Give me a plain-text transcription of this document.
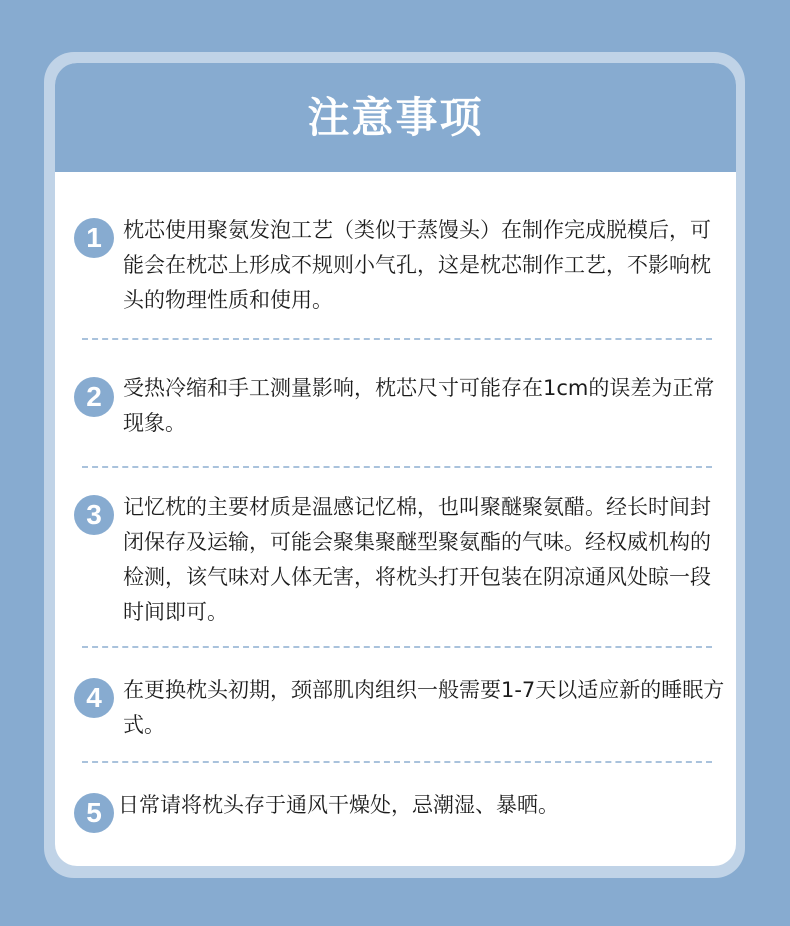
注意事项
1	枕芯使用聚氨发泡工艺（类似于蒸馒头）在制作完成脱模后，可能会在枕芯上形成不规则小气孔，这是枕芯制作工艺，不影响枕头的物理性质和使用。

2	受热冷缩和手工测量影响，枕芯尺寸可能存在1cm的误差为正常现象。

3	记忆枕的主要材质是温感记忆棉，也叫聚醚聚氨醋。经长时间封闭保存及运输，可能会聚集聚醚型聚氨酯的气味。经权威机构的检测，该气味对人体无害，将枕头打开包装在阴凉通风处晾一段时间即可。

4	在更换枕头初期，颈部肌肉组织一般需要1-7天以适应新的睡眠方式。

5 日常请将枕头存于通风干燥处，忌潮湿、暴晒。
